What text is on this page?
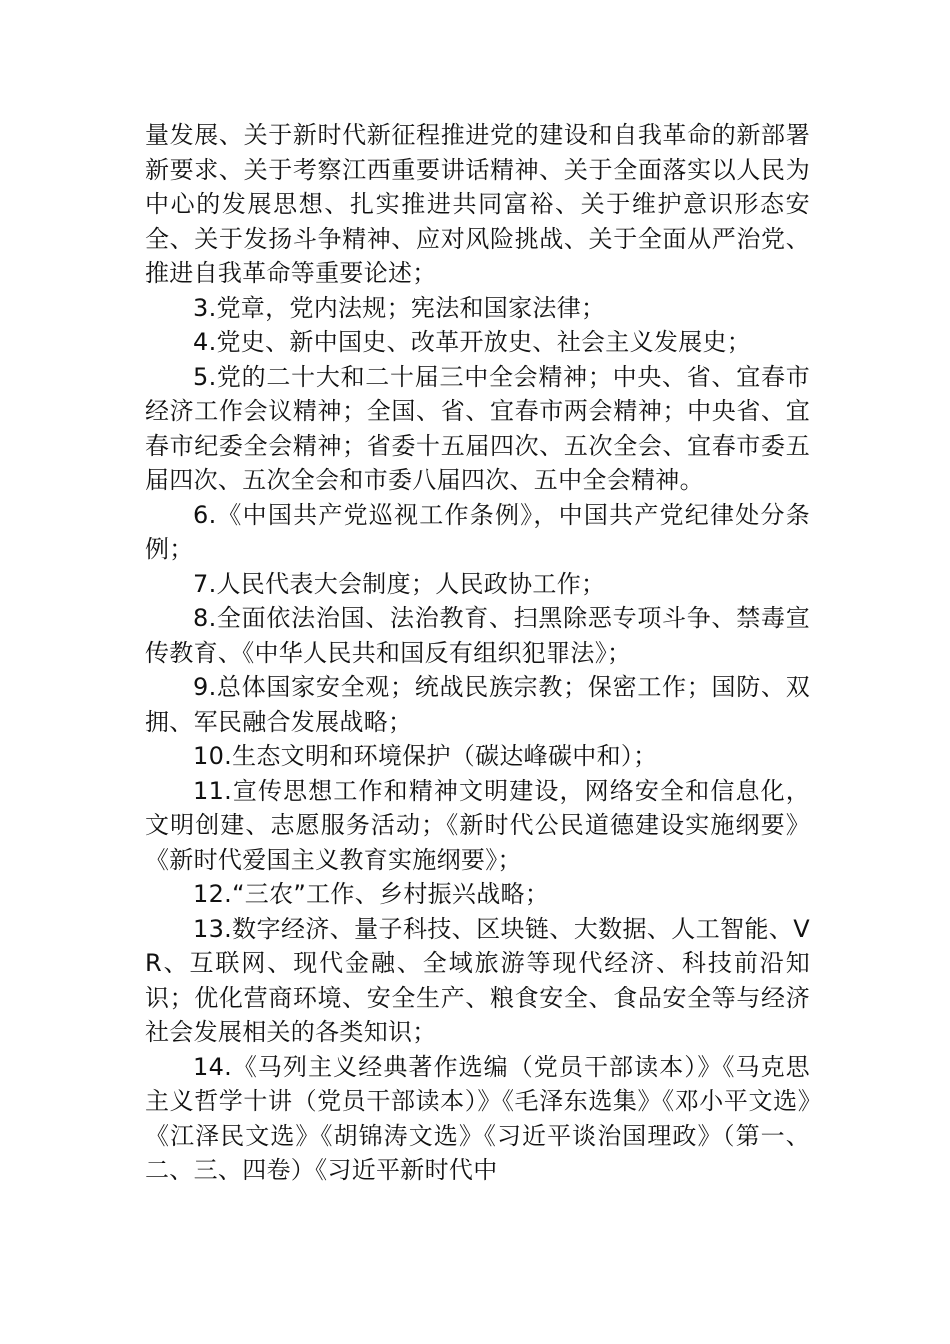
量发展、关于新时代新征程推进党的建设和自我革命的新部署新要求、关于考察江西重要讲话精神、关于全面落实以人民为中心的发展思想、扎实推进共同富裕、关于维护意识形态安全、关于发扬斗争精神、应对风险挑战、关于全面从严治党、推进自我革命等重要论述；

3.党章，党内法规；宪法和国家法律；

4.党史、新中国史、改革开放史、社会主义发展史；

5.党的二十大和二十届三中全会精神；中央、省、宜春市经济工作会议精神；全国、省、宜春市两会精神；中央省、宜春市纪委全会精神；省委十五届四次、五次全会、宜春市委五届四次、五次全会和市委八届四次、五中全会精神。

6.《中国共产党巡视工作条例》，中国共产党纪律处分条例；

7.人民代表大会制度；人民政协工作；

8.全面依法治国、法治教育、扫黑除恶专项斗争、禁毒宣传教育、《中华人民共和国反有组织犯罪法》；

9.总体国家安全观；统战民族宗教；保密工作；国防、双拥、军民融合发展战略；

10.生态文明和环境保护（碳达峰碳中和）；

11.宣传思想工作和精神文明建设，网络安全和信息化，文明创建、志愿服务活动；《新时代公民道德建设实施纲要》《新时代爱国主义教育实施纲要》；

12.“三农”工作、乡村振兴战略；

13.数字经济、量子科技、区块链、大数据、人工智能、VR、互联网、现代金融、全域旅游等现代经济、科技前沿知识；优化营商环境、安全生产、粮食安全、食品安全等与经济社会发展相关的各类知识；

14.《马列主义经典著作选编（党员干部读本）》《马克思主义哲学十讲（党员干部读本）》《毛泽东选集》《邓小平文选》《江泽民文选》《胡锦涛文选》《习近平谈治国理政》（第一、二、三、四卷）《习近平新时代中
